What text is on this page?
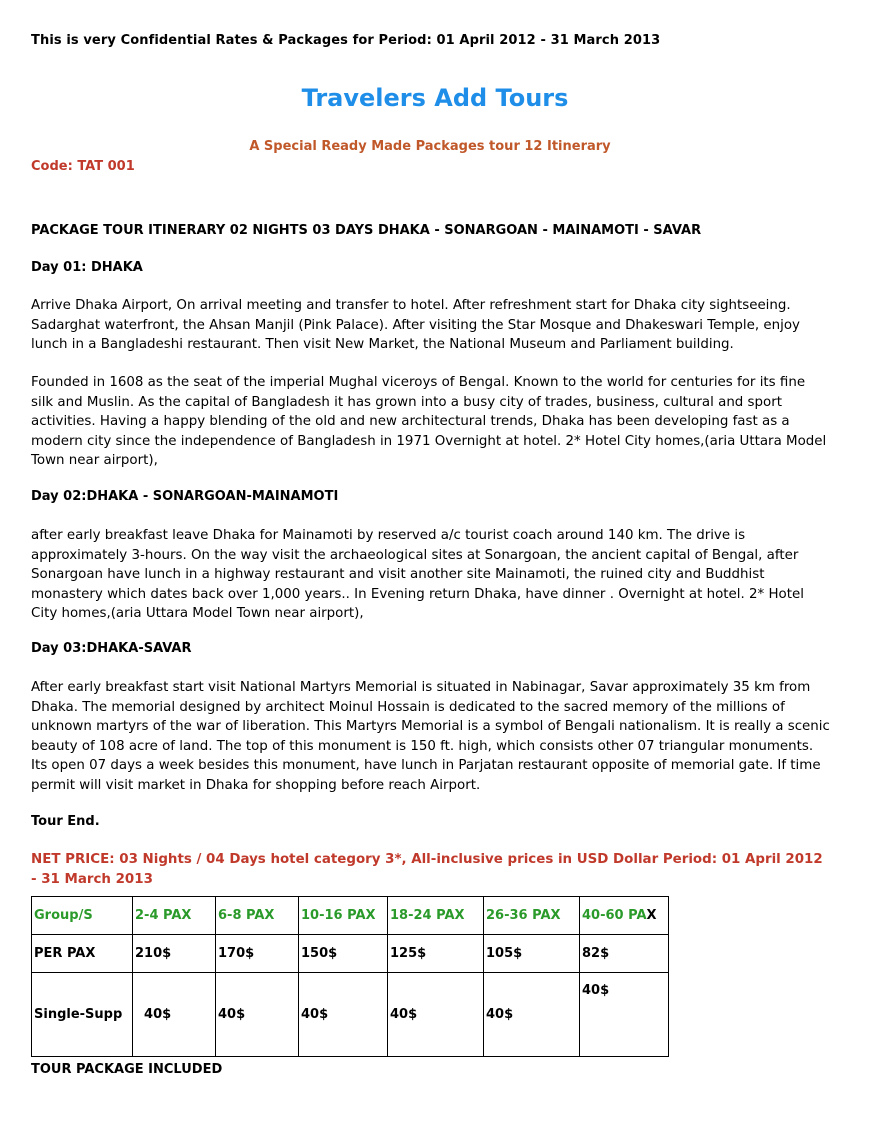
This is very Confidential Rates & Packages for Period: 01 April 2012 - 31 March 2013
Travelers Add Tours
A Special Ready Made Packages tour 12 Itinerary
Code: TAT 001
PACKAGE TOUR ITINERARY 02 NIGHTS 03 DAYS DHAKA - SONARGOAN - MAINAMOTI - SAVAR
Day 01: DHAKA
Arrive Dhaka Airport, On arrival meeting and transfer to hotel. After refreshment start for Dhaka city sightseeing. Sadarghat waterfront, the Ahsan Manjil (Pink Palace). After visiting the Star Mosque and Dhakeswari Temple, enjoy lunch in a Bangladeshi restaurant. Then visit New Market, the National Museum and Parliament building.
Founded in 1608 as the seat of the imperial Mughal viceroys of Bengal. Known to the world for centuries for its fine silk and Muslin. As the capital of Bangladesh it has grown into a busy city of trades, business, cultural and sport activities. Having a happy blending of the old and new architectural trends, Dhaka has been developing fast as a modern city since the independence of Bangladesh in 1971 Overnight at hotel. 2* Hotel City homes,(aria Uttara Model Town near airport),
Day 02:DHAKA - SONARGOAN-MAINAMOTI
after early breakfast leave Dhaka for Mainamoti by reserved a/c tourist coach around 140 km. The drive is approximately 3-hours. On the way visit the archaeological sites at Sonargoan, the ancient capital of Bengal, after Sonargoan have lunch in a highway restaurant and visit another site Mainamoti, the ruined city and Buddhist monastery which dates back over 1,000 years.. In Evening return Dhaka, have dinner . Overnight at hotel. 2* Hotel City homes,(aria Uttara Model Town near airport),
Day 03:DHAKA-SAVAR
After early breakfast start visit National Martyrs Memorial is situated in Nabinagar, Savar approximately 35 km from Dhaka. The memorial designed by architect Moinul Hossain is dedicated to the sacred memory of the millions of unknown martyrs of the war of liberation. This Martyrs Memorial is a symbol of Bengali nationalism. It is really a scenic beauty of 108 acre of land. The top of this monument is 150 ft. high, which consists other 07 triangular monuments. Its open 07 days a week besides this monument, have lunch in Parjatan restaurant opposite of memorial gate. If time permit will visit market in Dhaka for shopping before reach Airport.
Tour End.
NET PRICE: 03 Nights / 04 Days hotel category 3*, All-inclusive prices in USD Dollar Period: 01 April 2012 - 31 March 2013
Group/S	2-4 PAX	6-8 PAX	10-16 PAX	18-24 PAX	26-36 PAX	40-60 PAX
PER PAX	210$	170$	150$	125$	105$	82$
Single-Supp	40$	40$	40$	40$	40$	40$
TOUR PACKAGE INCLUDED
